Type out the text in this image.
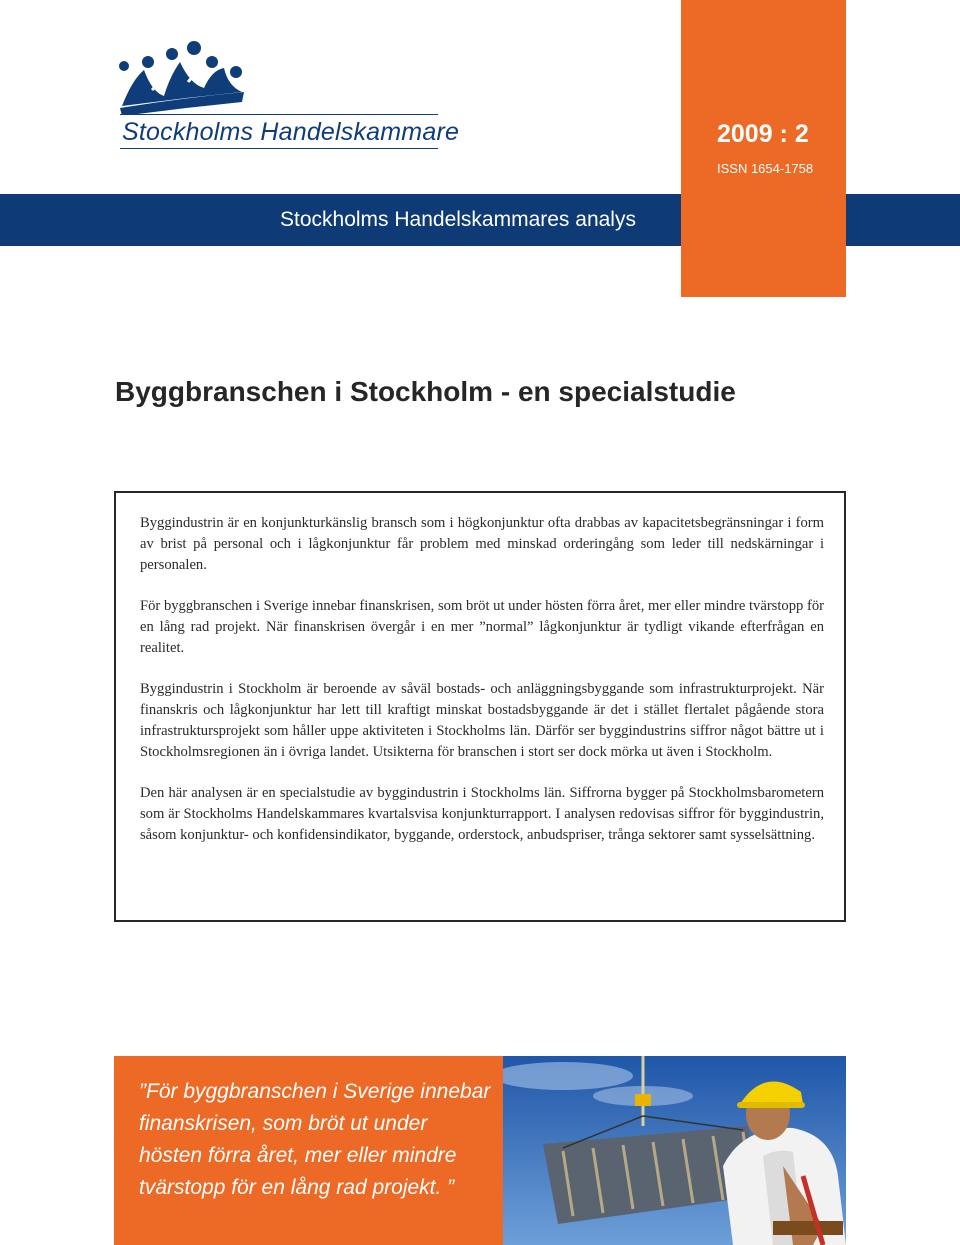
Stockholms Handelskammare	2009 : 2
ISSN 1654-1758
Stockholms Handelskammares analys
Byggbranschen i Stockholm - en specialstudie

Byggindustrin är en konjunkturkänslig bransch som i högkonjunktur ofta drabbas av kapacitetsbegränsningar i form av brist på personal och i lågkonjunktur får problem med minskad orderingång som leder till nedskärningar i personalen.

För byggbranschen i Sverige innebar finanskrisen, som bröt ut under hösten förra året, mer eller mindre tvärstopp för en lång rad projekt. När finanskrisen övergår i en mer ”normal” lågkonjunktur är tydligt vikande efterfrågan en realitet.

Byggindustrin i Stockholm är beroende av såväl bostads- och anläggningsbyggande som infrastrukturprojekt. När finanskris och lågkonjunktur har lett till kraftigt minskat bostadsbyggande är det i stället flertalet pågående stora infrastruktursprojekt som håller uppe aktiviteten i Stockholms län. Därför ser byggindustrins siffror något bättre ut i Stockholmsregionen än i övriga landet. Utsikterna för branschen i stort ser dock mörka ut även i Stockholm.

Den här analysen är en specialstudie av byggindustrin i Stockholms län. Siffrorna bygger på Stockholmsbarometern som är Stockholms Handelskammares kvartalsvisa konjunkturrapport. I analysen redovisas siffror för byggindustrin, såsom konjunktur- och konfidensindikator, byggande, orderstock, anbudspriser, trånga sektorer samt sysselsättning.

”För byggbranschen i Sverige innebar finanskrisen, som bröt ut under hösten förra året, mer eller mindre tvärstopp för en lång rad projekt. ”
